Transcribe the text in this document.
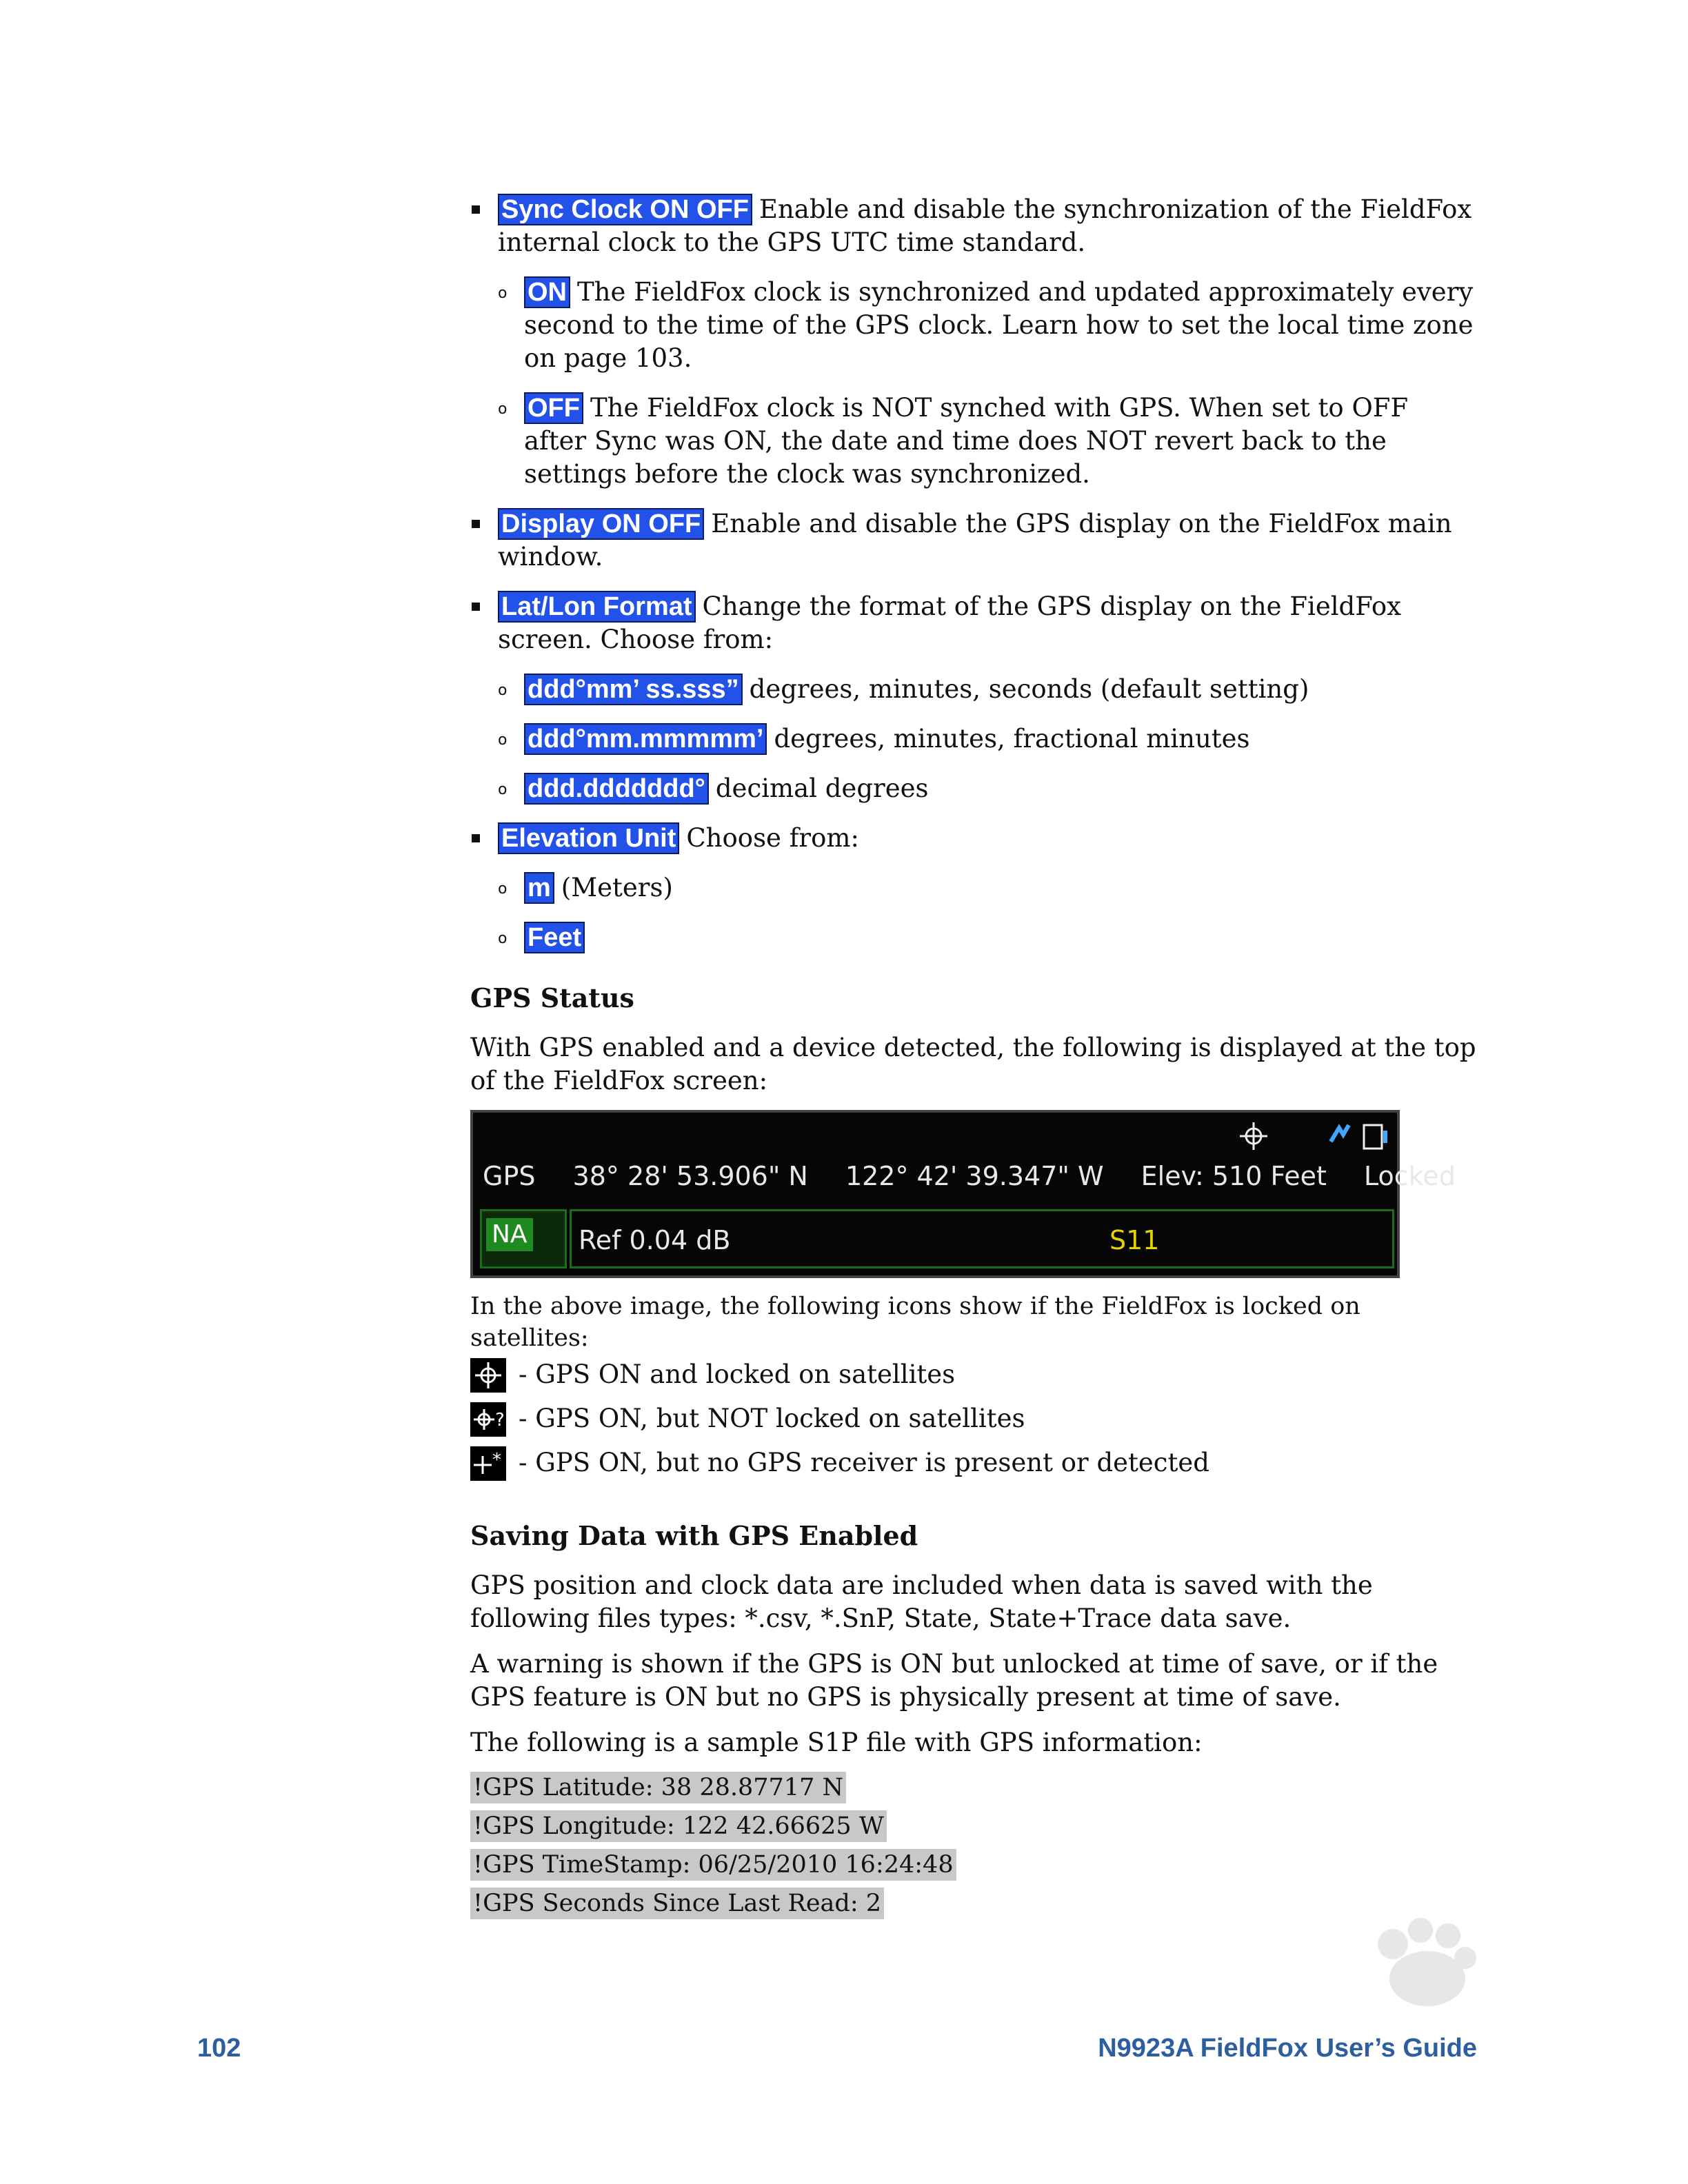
Sync Clock ON OFF Enable and disable the synchronization of the FieldFox internal clock to the GPS UTC time standard.
o ON The FieldFox clock is synchronized and updated approximately every second to the time of the GPS clock. Learn how to set the local time zone on page 103.
o OFF The FieldFox clock is NOT synched with GPS. When set to OFF after Sync was ON, the date and time does NOT revert back to the settings before the clock was synchronized.
Display ON OFF Enable and disable the GPS display on the FieldFox main window.
Lat/Lon Format Change the format of the GPS display on the FieldFox screen. Choose from:
o ddd°mm’ ss.sss” degrees, minutes, seconds (default setting)
o ddd°mm.mmmmm’ degrees, minutes, fractional minutes
o ddd.ddddddd° decimal degrees
Elevation Unit Choose from:
o m (Meters)
o Feet
GPS Status

With GPS enabled and a device detected, the following is displayed at the top of the FieldFox screen:

GPS 38° 28' 53.906" N 122° 42' 39.347" W Elev: 510 Feet Locked
NA	Ref 0.04 dB	S11

In the above image, the following icons show if the FieldFox is locked on satellites:

- GPS ON and locked on satellites
? - GPS ON, but NOT locked on satellites
* - GPS ON, but no GPS receiver is present or detected
Saving Data with GPS Enabled

GPS position and clock data are included when data is saved with the following files types: *.csv, *.SnP, State, State+Trace data save.

A warning is shown if the GPS is ON but unlocked at time of save, or if the GPS feature is ON but no GPS is physically present at time of save.

The following is a sample S1P file with GPS information:

!GPS Latitude: 38 28.87717 N
!GPS Longitude: 122 42.66625 W
!GPS TimeStamp: 06/25/2010 16:24:48
!GPS Seconds Since Last Read: 2
102	N9923A FieldFox User’s Guide
